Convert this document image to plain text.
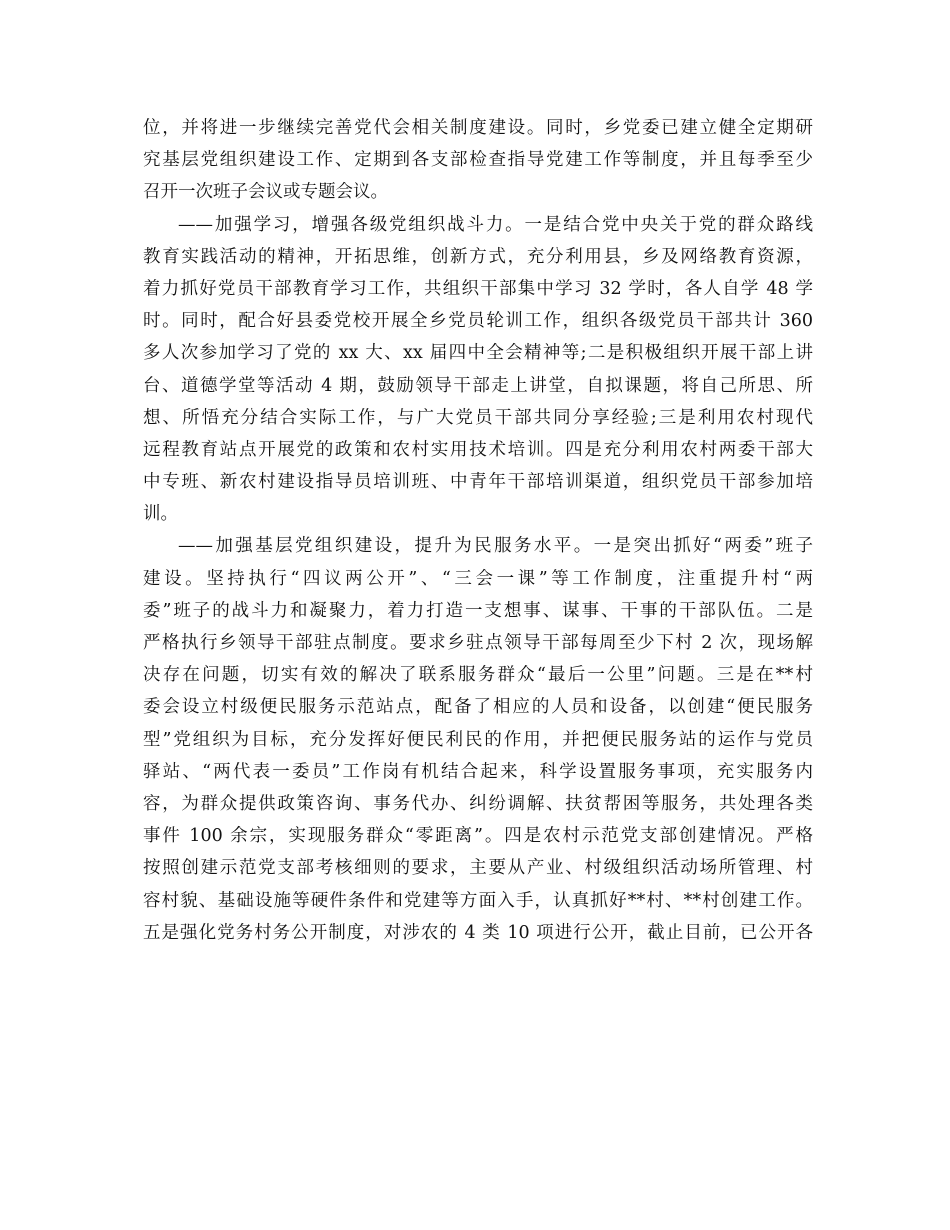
位，并将进一步继续完善党代会相关制度建设。同时，乡党委已建立健全定期研
究基层党组织建设工作、定期到各支部检查指导党建工作等制度，并且每季至少
召开一次班子会议或专题会议。
——加强学习，增强各级党组织战斗力。一是结合党中央关于党的群众路线
教育实践活动的精神，开拓思维，创新方式，充分利用县，乡及网络教育资源，
着力抓好党员干部教育学习工作，共组织干部集中学习 32 学时，各人自学 48 学
时。同时，配合好县委党校开展全乡党员轮训工作，组织各级党员干部共计 360
多人次参加学习了党的 xx 大、xx 届四中全会精神等;二是积极组织开展干部上讲
台、道德学堂等活动 4 期，鼓励领导干部走上讲堂，自拟课题，将自己所思、所
想、所悟充分结合实际工作，与广大党员干部共同分享经验;三是利用农村现代
远程教育站点开展党的政策和农村实用技术培训。四是充分利用农村两委干部大
中专班、新农村建设指导员培训班、中青年干部培训渠道，组织党员干部参加培
训。
——加强基层党组织建设，提升为民服务水平。一是突出抓好“两委”班子
建设。坚持执行“四议两公开”、“三会一课”等工作制度，注重提升村“两
委”班子的战斗力和凝聚力，着力打造一支想事、谋事、干事的干部队伍。二是
严格执行乡领导干部驻点制度。要求乡驻点领导干部每周至少下村 2 次，现场解
决存在问题，切实有效的解决了联系服务群众“最后一公里”问题。三是在**村
委会设立村级便民服务示范站点，配备了相应的人员和设备，以创建“便民服务
型”党组织为目标，充分发挥好便民利民的作用，并把便民服务站的运作与党员
驿站、“两代表一委员”工作岗有机结合起来，科学设置服务事项，充实服务内
容，为群众提供政策咨询、事务代办、纠纷调解、扶贫帮困等服务，共处理各类
事件 100 余宗，实现服务群众“零距离”。四是农村示范党支部创建情况。严格
按照创建示范党支部考核细则的要求，主要从产业、村级组织活动场所管理、村
容村貌、基础设施等硬件条件和党建等方面入手，认真抓好**村、**村创建工作。
五是强化党务村务公开制度，对涉农的 4 类 10 项进行公开，截止目前，已公开各
